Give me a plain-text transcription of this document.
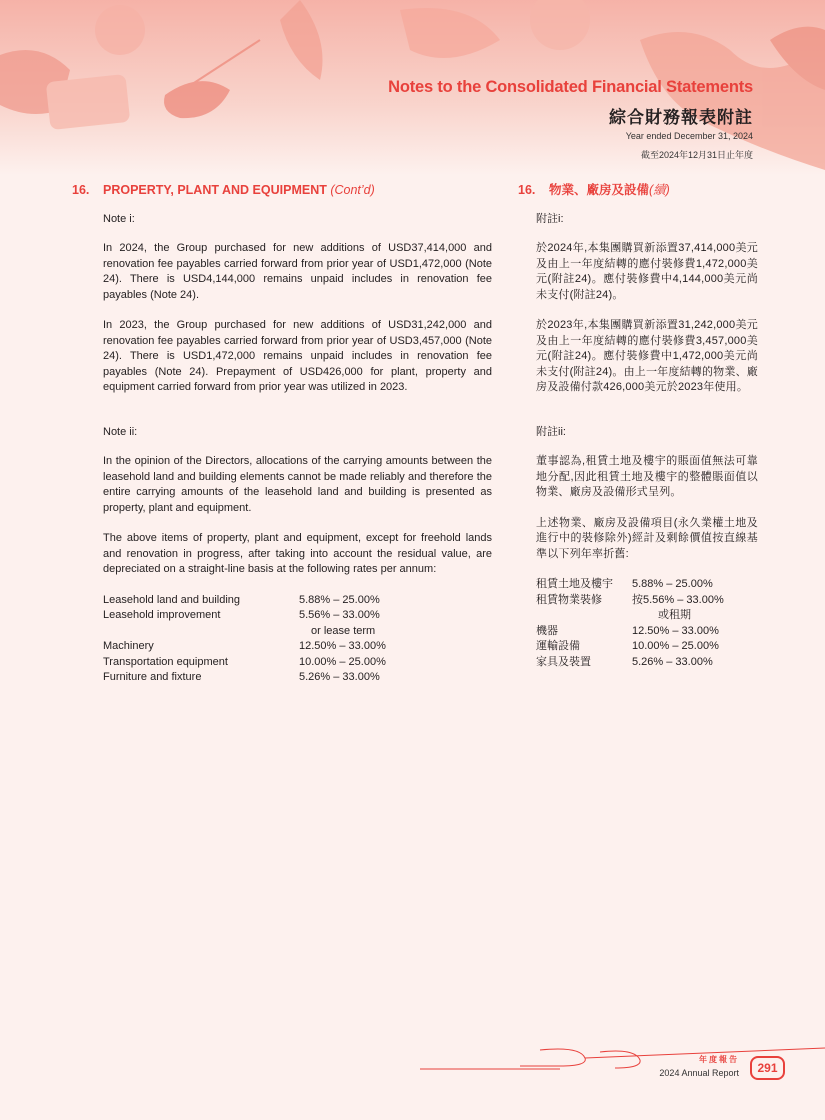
Notes to the Consolidated Financial Statements
綜合財務報表附註
Year ended December 31, 2024
截至2024年12月31日止年度
16.	PROPERTY, PLANT AND EQUIPMENT (Cont’d)
Note i:

In 2024, the Group purchased for new additions of USD37,414,000 and renovation fee payables carried forward from prior year of USD1,472,000 (Note 24). There is USD4,144,000 remains unpaid includes in renovation fee payables (Note 24).

In 2023, the Group purchased for new additions of USD31,242,000 and renovation fee payables carried forward from prior year of USD3,457,000 (Note 24). There is USD1,472,000 remains unpaid includes in renovation fee payables (Note 24). Prepayment of USD426,000 for plant, property and equipment carried forward from prior year was utilized in 2023.

Note ii:

In the opinion of the Directors, allocations of the carrying amounts between the leasehold land and building elements cannot be made reliably and therefore the entire carrying amounts of the leasehold land and building is presented as property, plant and equipment.

The above items of property, plant and equipment, except for freehold lands and renovation in progress, after taking into account the residual value, are depreciated on a straight-line basis at the following rates per annum:

Leasehold land and building	5.88% – 25.00%
Leasehold improvement	5.56% – 33.00%
or lease term

Machinery	12.50% – 33.00%
Transportation equipment	10.00% – 25.00%
Furniture and fixture	5.26% – 33.00%
16.	物業、廠房及設備(續)
附註i:

於2024年,本集團購買新添置37,414,000美元及由上一年度結轉的應付裝修費1,472,000美元(附註24)。應付裝修費中4,144,000美元尚未支付(附註24)。

於2023年,本集團購買新添置31,242,000美元及由上一年度結轉的應付裝修費3,457,000美元(附註24)。應付裝修費中1,472,000美元尚未支付(附註24)。由上一年度結轉的物業、廠房及設備付款426,000美元於2023年使用。

附註ii:

董事認為,租賃土地及樓宇的賬面值無法可靠地分配,因此租賃土地及樓宇的整體賬面值以物業、廠房及設備形式呈列。

上述物業、廠房及設備項目(永久業權土地及進行中的裝修除外)經計及剩餘價值按直線基準以下列年率折舊:

租賃土地及樓宇	5.88% – 25.00%
租賃物業裝修	按5.56% – 33.00%
或租期

機器	12.50% – 33.00%
運輸設備	10.00% – 25.00%
家具及裝置	5.26% – 33.00%
年度報告
2024 Annual Report	291
